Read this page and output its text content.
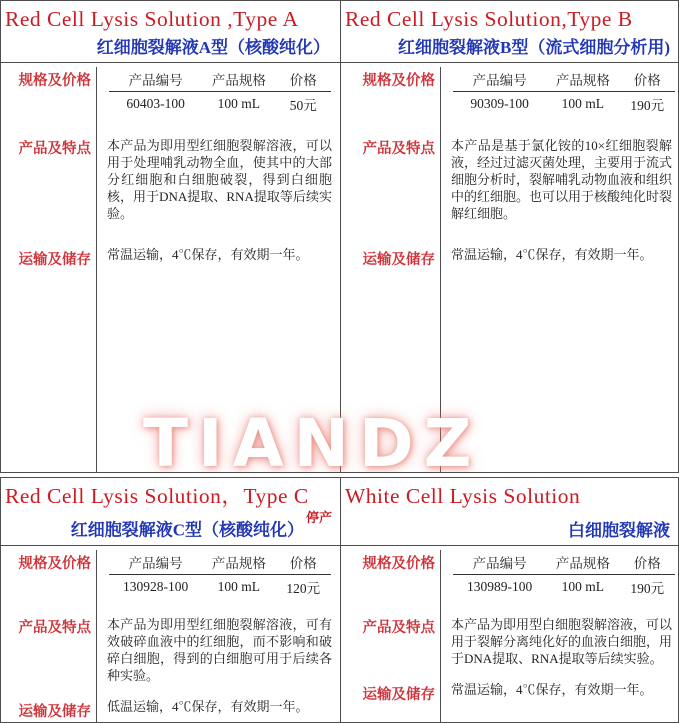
Red Cell Lysis Solution ,Type A
红细胞裂解液A型（核酸纯化）
规格及价格	产品编号	产品规格	价格
60403-100	100 mL	50元
产品及特点	本产品为即用型红细胞裂解溶液，可以用于处理哺乳动物全血，使其中的大部分红细胞和白细胞破裂，得到白细胞核，用于DNA提取、RNA提取等后续实验。

运输及储存	常温运输，4℃保存，有效期一年。
Red Cell Lysis Solution,Type B
红细胞裂解液B型（流式细胞分析用)
规格及价格	产品编号	产品规格	价格
90309-100	100 mL	190元
产品及特点	本产品是基于氯化铵的10×红细胞裂解液，经过过滤灭菌处理，主要用于流式细胞分析时，裂解哺乳动物血液和组织中的红细胞。也可以用于核酸纯化时裂解红细胞。

运输及储存	常温运输，4℃保存，有效期一年。
TIANDZ
Red Cell Lysis Solution，Type C
红细胞裂解液C型（核酸纯化）$^{停产}$
规格及价格	产品编号	产品规格	价格
130928-100	100 mL	120元
产品及特点	本产品为即用型红细胞裂解溶液，可有效破碎血液中的红细胞，而不影响和破碎白细胞，得到的白细胞可用于后续各种实验。

运输及储存	低温运输，4℃保存，有效期一年。
White Cell Lysis Solution
白细胞裂解液
规格及价格	产品编号	产品规格	价格
130989-100	100 mL	190元
产品及特点	本产品为即用型白细胞裂解溶液，可以用于裂解分离纯化好的血液白细胞，用于DNA提取、RNA提取等后续实验。

运输及储存	常温运输，4℃保存，有效期一年。
